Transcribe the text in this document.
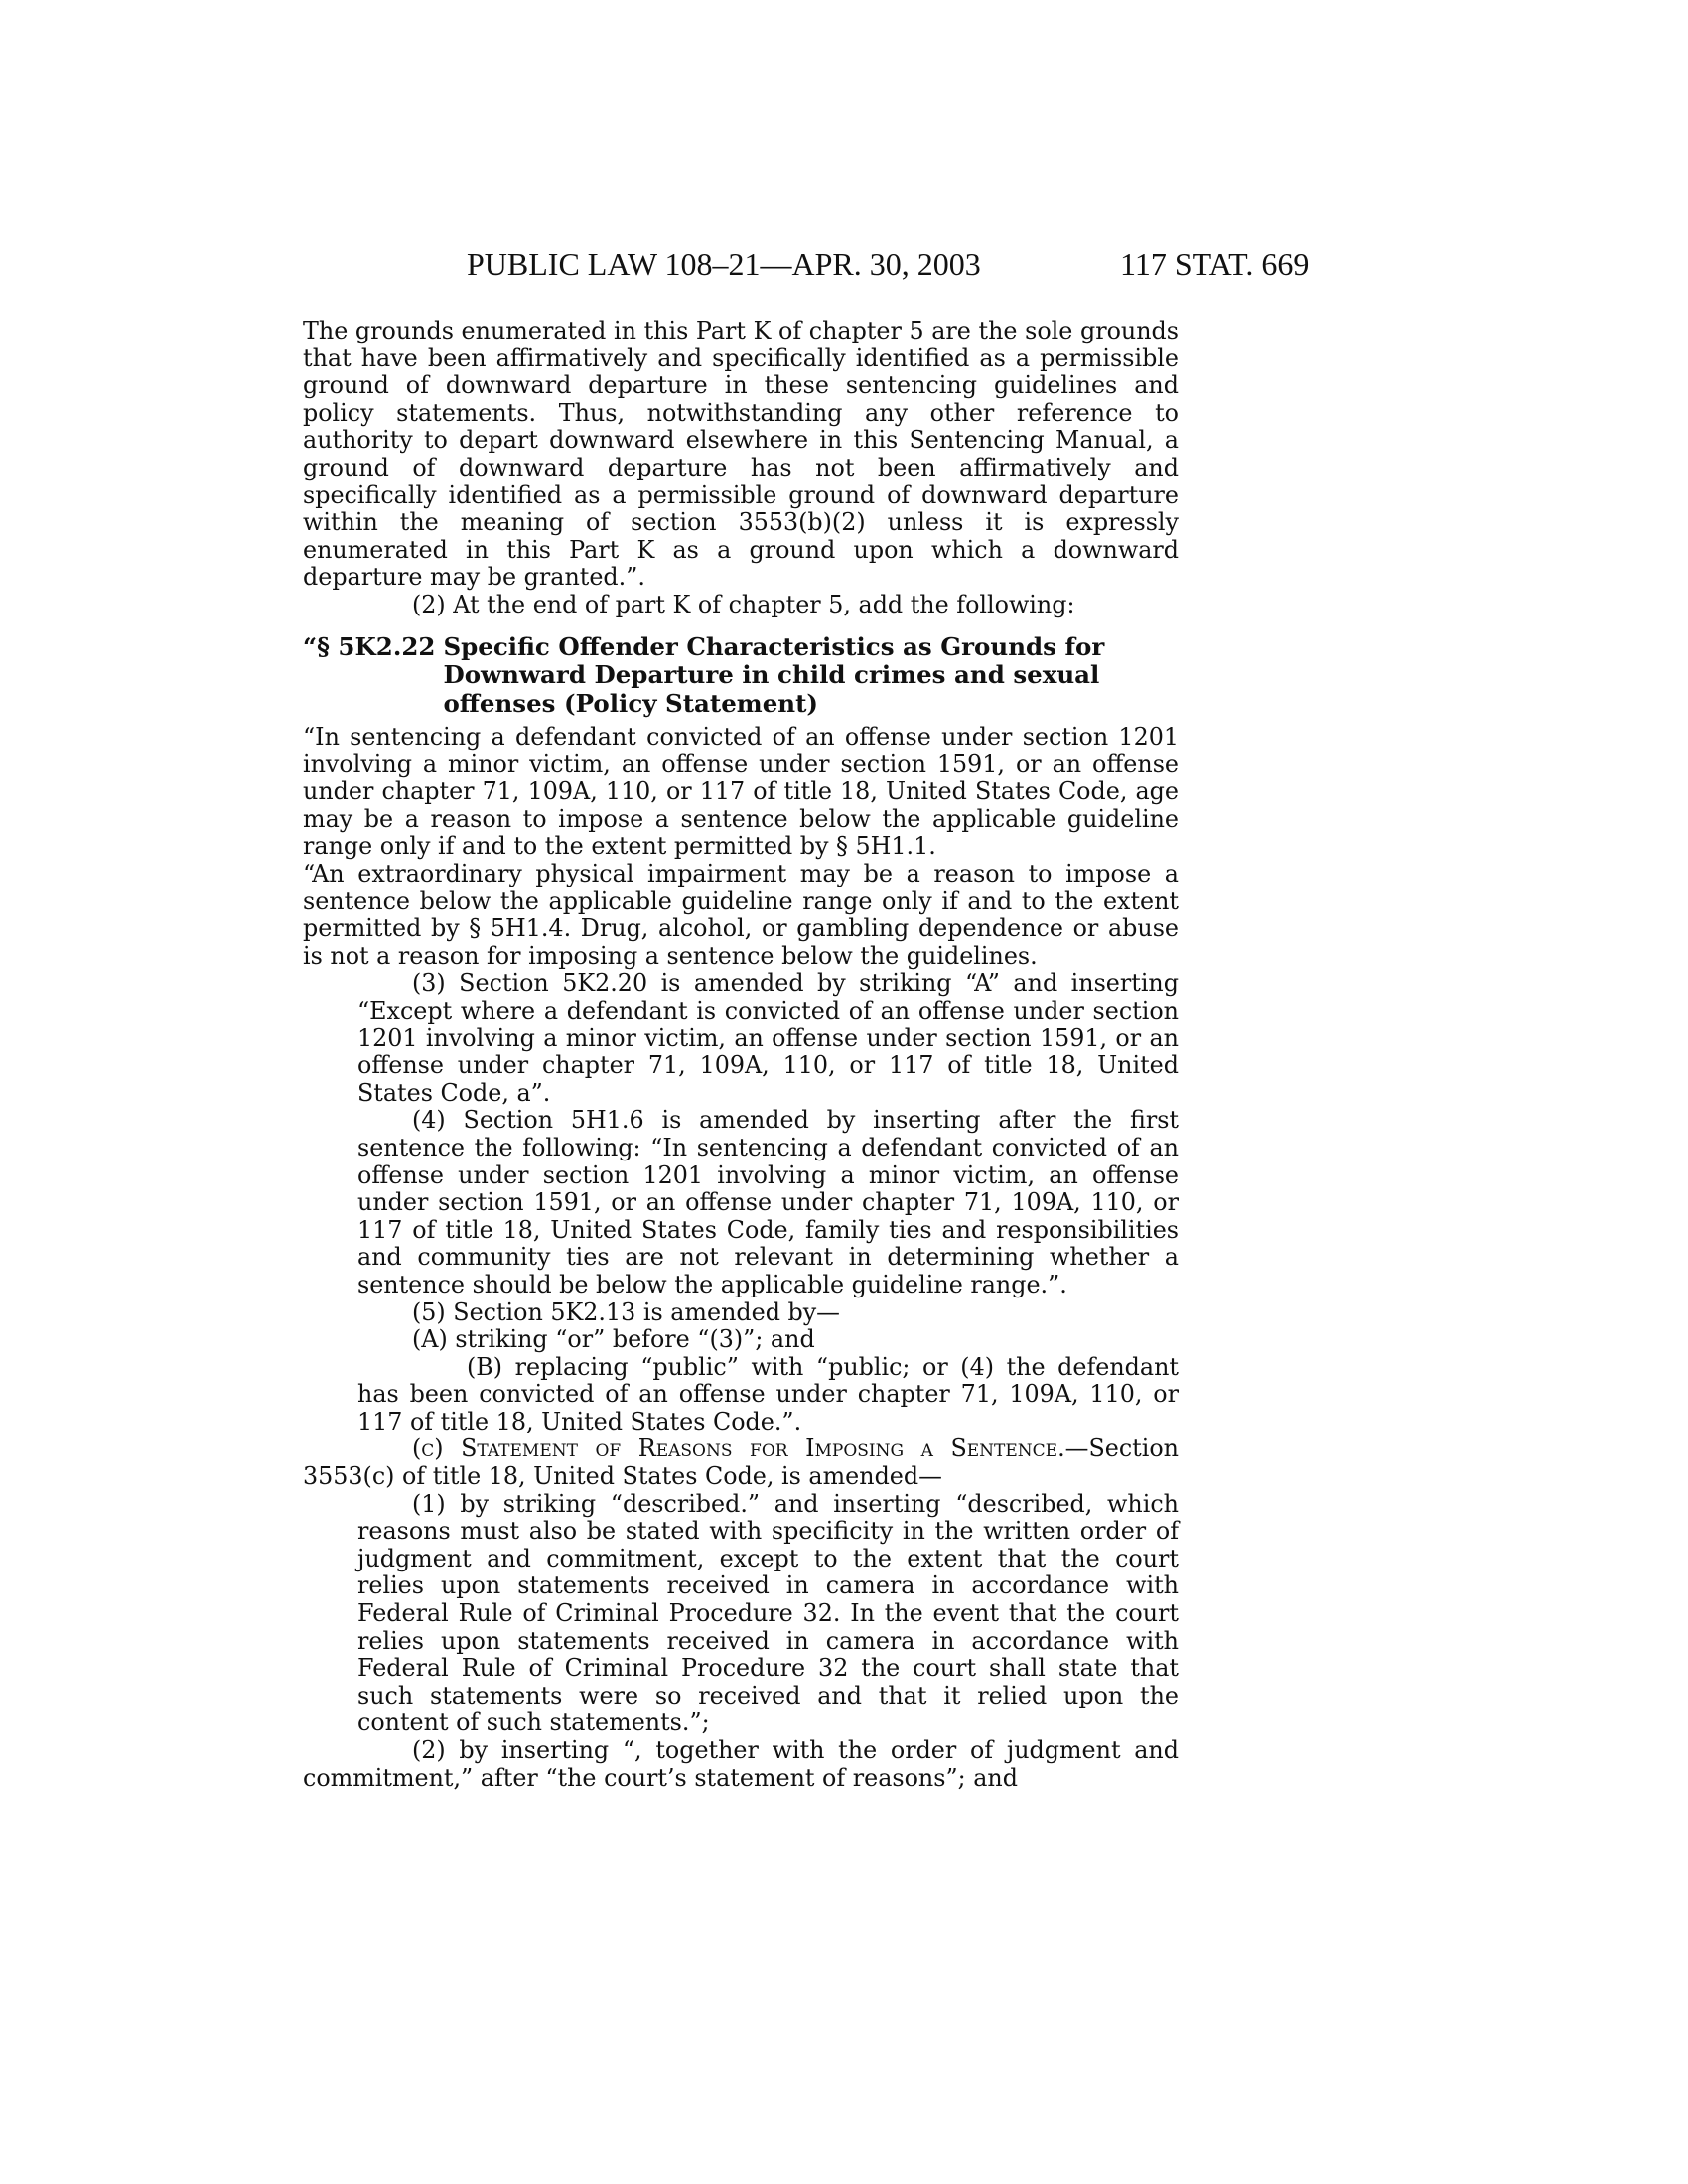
PUBLIC LAW 108–21—APR. 30, 2003	117 STAT. 669

The grounds enumerated in this Part K of chapter 5 are the sole grounds that have been affirmatively and specifically identified as a permissible ground of downward departure in these sentencing guidelines and policy statements. Thus, notwithstanding any other reference to authority to depart downward elsewhere in this Sentencing Manual, a ground of downward departure has not been affirmatively and specifically identified as a permissible ground of downward departure within the meaning of section 3553(b)(2) unless it is expressly enumerated in this Part K as a ground upon which a downward departure may be granted.”.

(2) At the end of part K of chapter 5, add the following:

“§ 5K2.22 Specific Offender Characteristics as Grounds for Downward Departure in child crimes and sexual offenses (Policy Statement)

“In sentencing a defendant convicted of an offense under section 1201 involving a minor victim, an offense under section 1591, or an offense under chapter 71, 109A, 110, or 117 of title 18, United States Code, age may be a reason to impose a sentence below the applicable guideline range only if and to the extent permitted by § 5H1.1.

“An extraordinary physical impairment may be a reason to impose a sentence below the applicable guideline range only if and to the extent permitted by § 5H1.4. Drug, alcohol, or gambling dependence or abuse is not a reason for imposing a sentence below the guidelines.

(3) Section 5K2.20 is amended by striking “A” and inserting “Except where a defendant is convicted of an offense under section 1201 involving a minor victim, an offense under section 1591, or an offense under chapter 71, 109A, 110, or 117 of title 18, United States Code, a”.

(4) Section 5H1.6 is amended by inserting after the first sentence the following: “In sentencing a defendant convicted of an offense under section 1201 involving a minor victim, an offense under section 1591, or an offense under chapter 71, 109A, 110, or 117 of title 18, United States Code, family ties and responsibilities and community ties are not relevant in determining whether a sentence should be below the applicable guideline range.”.

(5) Section 5K2.13 is amended by—

(A) striking “or” before “(3)”; and

(B) replacing “public” with “public; or (4) the defendant has been convicted of an offense under chapter 71, 109A, 110, or 117 of title 18, United States Code.”.

(c) Statement of Reasons for Imposing a Sentence.—Section 3553(c) of title 18, United States Code, is amended—

(1) by striking “described.” and inserting “described, which reasons must also be stated with specificity in the written order of judgment and commitment, except to the extent that the court relies upon statements received in camera in accordance with Federal Rule of Criminal Procedure 32. In the event that the court relies upon statements received in camera in accordance with Federal Rule of Criminal Procedure 32 the court shall state that such statements were so received and that it relied upon the content of such statements.”;

(2) by inserting “, together with the order of judgment and commitment,” after “the court’s statement of reasons”; and
